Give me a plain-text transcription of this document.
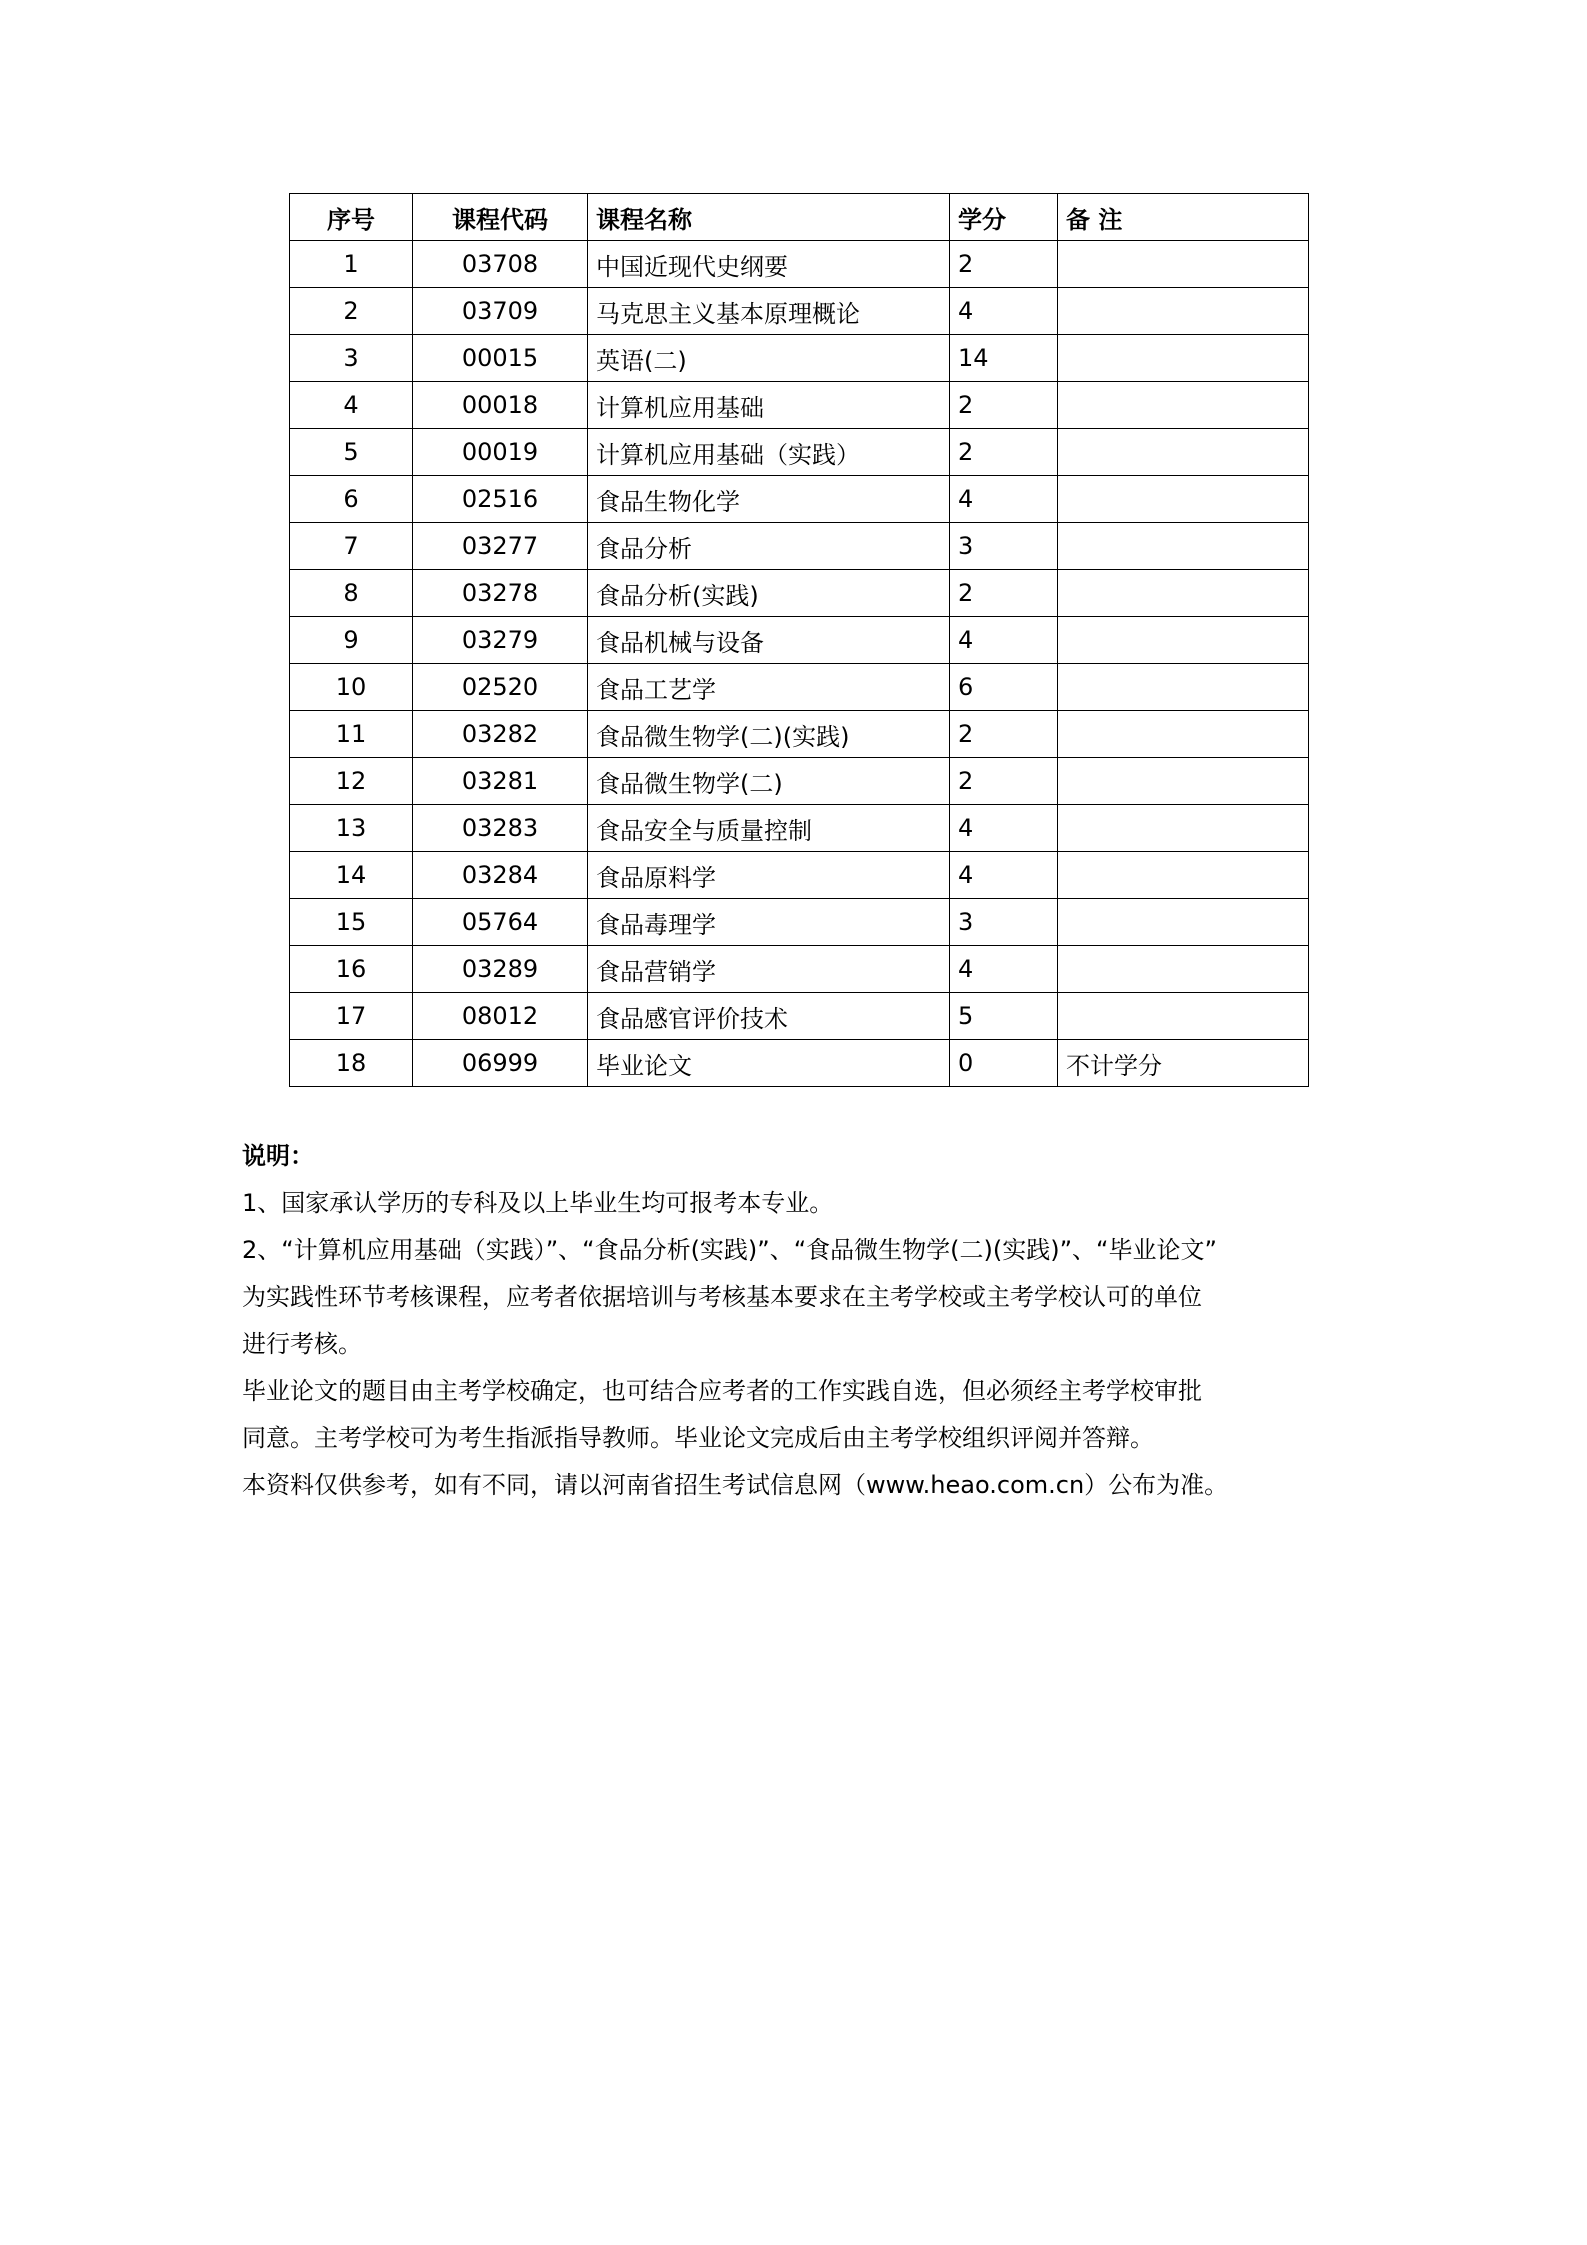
序号	课程代码	课程名称	学分	备 注
1	03708	中国近现代史纲要	2	
2	03709	马克思主义基本原理概论	4	
3	00015	英语(二)	14	
4	00018	计算机应用基础	2	
5	00019	计算机应用基础（实践）	2	
6	02516	食品生物化学	4	
7	03277	食品分析	3	
8	03278	食品分析(实践)	2	
9	03279	食品机械与设备	4	
10	02520	食品工艺学	6	
11	03282	食品微生物学(二)(实践)	2	
12	03281	食品微生物学(二)	2	
13	03283	食品安全与质量控制	4	
14	03284	食品原料学	4	
15	05764	食品毒理学	3	
16	03289	食品营销学	4	
17	08012	食品感官评价技术	5	
18	06999	毕业论文	0	不计学分

说明：

1、国家承认学历的专科及以上毕业生均可报考本专业。

2、“计算机应用基础（实践）”、“食品分析(实践)”、“食品微生物学(二)(实践)”、“毕业论文”

为实践性环节考核课程，应考者依据培训与考核基本要求在主考学校或主考学校认可的单位

进行考核。

毕业论文的题目由主考学校确定，也可结合应考者的工作实践自选，但必须经主考学校审批

同意。主考学校可为考生指派指导教师。毕业论文完成后由主考学校组织评阅并答辩。

本资料仅供参考，如有不同，请以河南省招生考试信息网（www.heao.com.cn）公布为准。
